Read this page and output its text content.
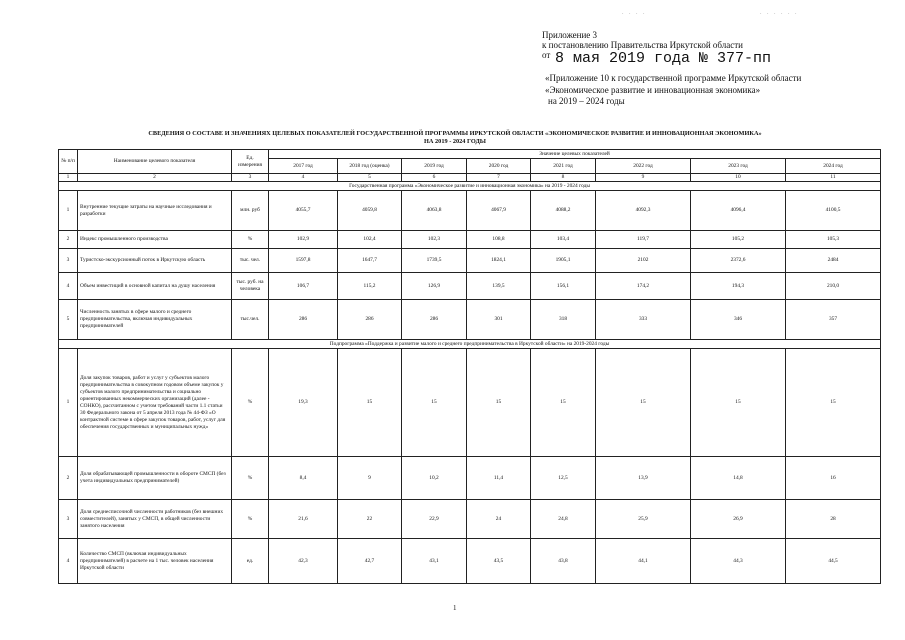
. . . .	. . . . . .
Приложение 3
к постановлению Правительства Иркутской области
от 8 мая 2019 года № 377-пп
«Приложение 10 к государственной программе Иркутской области
«Экономическое развитие и инновационная экономика»
на 2019 – 2024 годы
СВЕДЕНИЯ О СОСТАВЕ И ЗНАЧЕНИЯХ ЦЕЛЕВЫХ ПОКАЗАТЕЛЕЙ ГОСУДАРСТВЕННОЙ ПРОГРАММЫ ИРКУТСКОЙ ОБЛАСТИ «ЭКОНОМИЧЕСКОЕ РАЗВИТИЕ И ИННОВАЦИОННАЯ ЭКОНОМИКА»
НА 2019 - 2024 ГОДЫ
№ п/п	Наименование целевого показателя	Ед. измерения	Значение целевых показателей							
			2017 год	2018 год (оценка)	2019 год	2020 год	2021 год	2022 год	2023 год	2024 год
1	2	3	4	5	6	7	8	9	10	11
Государственная программа «Экономическое развитие и инновационная экономика» на 2019 - 2024 годы										
1	Внутренние текущие затраты на научные исследования и разработки	млн. руб	4055,7	4059,8	4063,8	4067,9	4088,2	4092,3	4096,4	4100,5
2	Индекс промышленного производства	%	102,9	102,4	102,3	108,8	103,4	119,7	105,2	105,3
3	Туристско-экскурсионный поток в Иркутскую область	тыс. чел.	1597,8	1647,7	1739,5	1824,1	1905,1	2102	2372,6	2484
4	Объем инвестиций в основной капитал на душу населения	тыс. руб. на человека	106,7	115,2	126,9	139,5	156,1	174,2	194,3	210,0
5	Численность занятых в сфере малого и среднего предпринимательства, включая индивидуальных предпринимателей	тыс.чел.	286	286	286	301	318	333	346	357
Подпрограмма «Поддержка и развитие малого и среднего предпринимательства в Иркутской области» на 2019-2024 годы										
1	Доля закупок товаров, работ и услуг у субъектов малого предпринимательства в совокупном годовом объеме закупок у субъектов малого предпринимательства и социально ориентированных некоммерческих организаций (далее - СОНКО), рассчитанном с учетом требований части 1.1 статьи 30 Федерального закона от 5 апреля 2013 года № 44-ФЗ «О контрактной системе в сфере закупок товаров, работ, услуг для обеспечения государственных и муниципальных нужд»	%	19,3	15	15	15	15	15	15	15
2	Доля обрабатывающей промышленности в обороте СМСП (без учета индивидуальных предпринимателей)	%	8,4	9	10,2	11,4	12,5	13,9	14,8	16
3	Доля среднесписочной численности работников (без внешних совместителей), занятых у СМСП, в общей численности занятого населения	%	21,6	22	22,9	24	24,8	25,9	26,9	28
4	Количество СМСП (включая индивидуальных предпринимателей) в расчете на 1 тыс. человек населения Иркутской области	ед.	42,3	42,7	43,1	43,5	43,8	44,1	44,3	44,5
1
